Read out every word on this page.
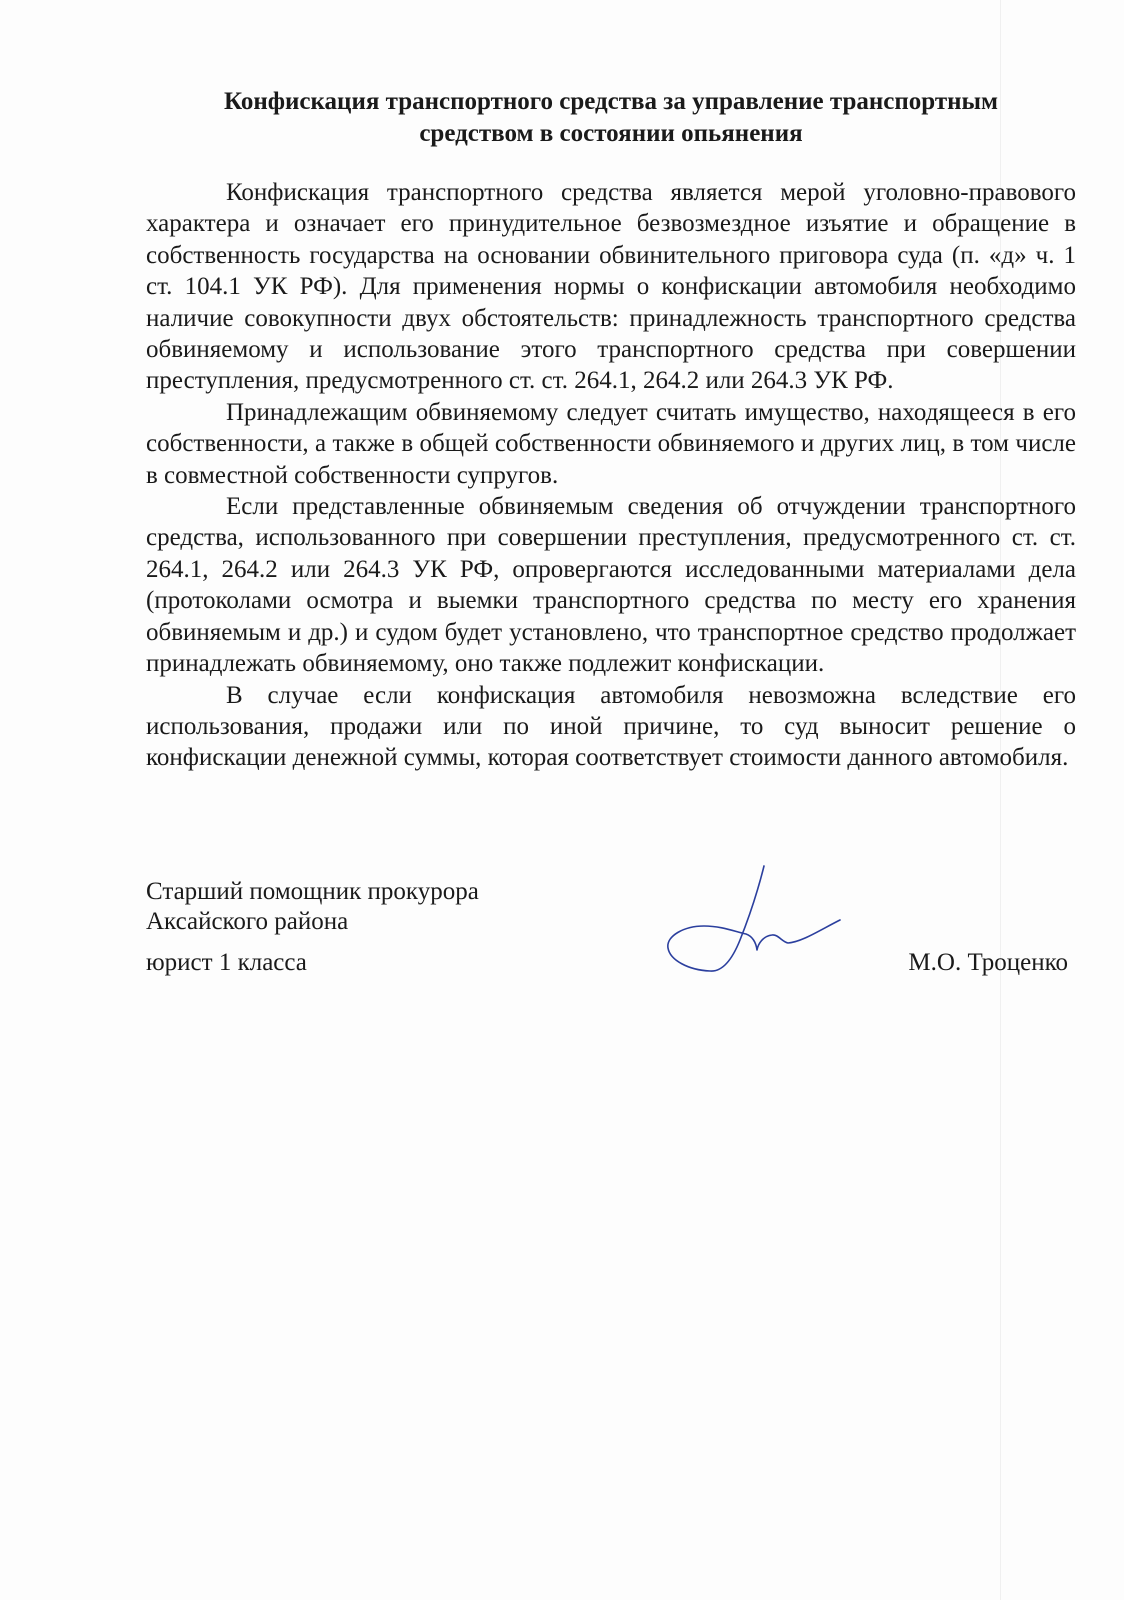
Конфискация транспортного средства за управление транспортным
средством в состоянии опьянения

Конфискация транспортного средства является мерой уголовно-правового характера и означает его принудительное безвозмездное изъятие и обращение в собственность государства на основании обвинительного приговора суда (п. «д» ч. 1 ст. 104.1 УК РФ). Для применения нормы о конфискации автомобиля необходимо наличие совокупности двух обстоятельств: принадлежность транспортного средства обвиняемому и использование этого транспортного средства при совершении преступления, предусмотренного ст. ст. 264.1, 264.2 или 264.3 УК РФ.

Принадлежащим обвиняемому следует считать имущество, находящееся в его собственности, а также в общей собственности обвиняемого и других лиц, в том числе в совместной собственности супругов.

Если представленные обвиняемым сведения об отчуждении транспортного средства, использованного при совершении преступления, предусмотренного ст. ст. 264.1, 264.2 или 264.3 УК РФ, опровергаются исследованными материалами дела (протоколами осмотра и выемки транспортного средства по месту его хранения обвиняемым и др.) и судом будет установлено, что транспортное средство продолжает принадлежать обвиняемому, оно также подлежит конфискации.

В случае если конфискация автомобиля невозможна вследствие его использования, продажи или по иной причине, то суд выносит решение о конфискации денежной суммы, которая соответствует стоимости данного автомобиля.

Старший помощник прокурора
Аксайского района
юрист 1 класса	М.О. Троценко
